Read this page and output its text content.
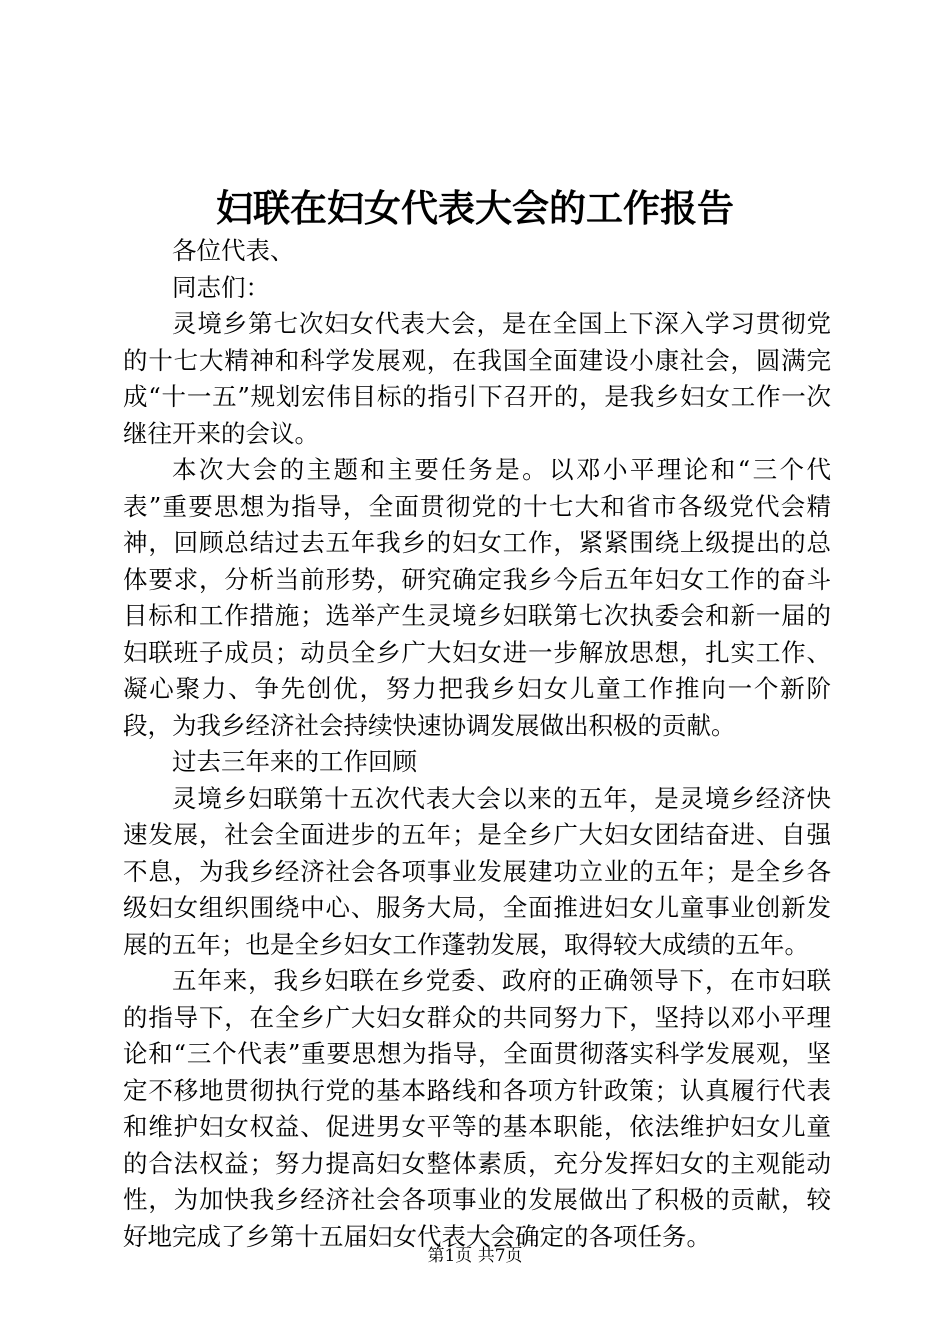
妇联在妇女代表大会的工作报告

各位代表、

同志们：

灵境乡第七次妇女代表大会，是在全国上下深入学习贯彻党的十七大精神和科学发展观，在我国全面建设小康社会，圆满完成“十一五”规划宏伟目标的指引下召开的，是我乡妇女工作一次继往开来的会议。

本次大会的主题和主要任务是。以邓小平理论和“三个代表”重要思想为指导，全面贯彻党的十七大和省市各级党代会精神，回顾总结过去五年我乡的妇女工作，紧紧围绕上级提出的总体要求，分析当前形势，研究确定我乡今后五年妇女工作的奋斗目标和工作措施；选举产生灵境乡妇联第七次执委会和新一届的妇联班子成员；动员全乡广大妇女进一步解放思想，扎实工作、凝心聚力、争先创优，努力把我乡妇女儿童工作推向一个新阶段，为我乡经济社会持续快速协调发展做出积极的贡献。

过去三年来的工作回顾

灵境乡妇联第十五次代表大会以来的五年，是灵境乡经济快速发展，社会全面进步的五年；是全乡广大妇女团结奋进、自强不息，为我乡经济社会各项事业发展建功立业的五年；是全乡各级妇女组织围绕中心、服务大局，全面推进妇女儿童事业创新发展的五年；也是全乡妇女工作蓬勃发展，取得较大成绩的五年。

五年来，我乡妇联在乡党委、政府的正确领导下，在市妇联的指导下，在全乡广大妇女群众的共同努力下，坚持以邓小平理论和“三个代表”重要思想为指导，全面贯彻落实科学发展观，坚定不移地贯彻执行党的基本路线和各项方针政策；认真履行代表和维护妇女权益、促进男女平等的基本职能，依法维护妇女儿童的合法权益；努力提高妇女整体素质，充分发挥妇女的主观能动性，为加快我乡经济社会各项事业的发展做出了积极的贡献，较好地完成了乡第十五届妇女代表大会确定的各项任务。

第1页 共7页
